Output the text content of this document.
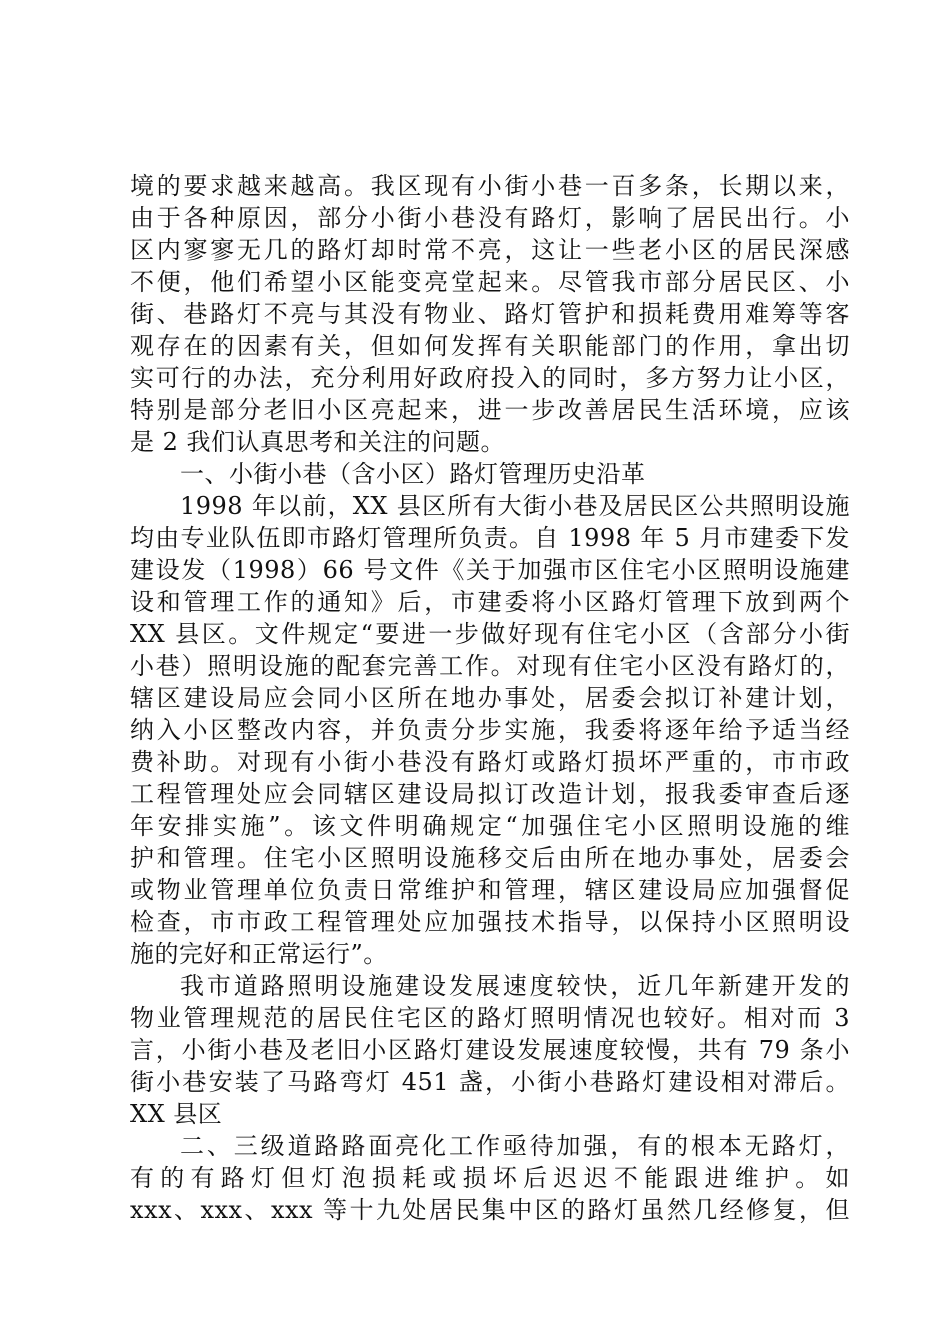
境的要求越来越高。我区现有小街小巷一百多条，长期以来，
由于各种原因，部分小街小巷没有路灯，影响了居民出行。小
区内寥寥无几的路灯却时常不亮，这让一些老小区的居民深感
不便，他们希望小区能变亮堂起来。尽管我市部分居民区、小
街、巷路灯不亮与其没有物业、路灯管护和损耗费用难筹等客
观存在的因素有关，但如何发挥有关职能部门的作用，拿出切
实可行的办法，充分利用好政府投入的同时，多方努力让小区，
特别是部分老旧小区亮起来，进一步改善居民生活环境，应该
是 2 我们认真思考和关注的问题。
一、小街小巷（含小区）路灯管理历史沿革
1998 年以前，XX 县区所有大街小巷及居民区公共照明设施
均由专业队伍即市路灯管理所负责。自 1998 年 5 月市建委下发
建设发（1998）66 号文件《关于加强市区住宅小区照明设施建
设和管理工作的通知》后，市建委将小区路灯管理下放到两个
XX 县区。文件规定“要进一步做好现有住宅小区（含部分小街
小巷）照明设施的配套完善工作。对现有住宅小区没有路灯的，
辖区建设局应会同小区所在地办事处，居委会拟订补建计划，
纳入小区整改内容，并负责分步实施，我委将逐年给予适当经
费补助。对现有小街小巷没有路灯或路灯损坏严重的，市市政
工程管理处应会同辖区建设局拟订改造计划，报我委审查后逐
年安排实施”。该文件明确规定“加强住宅小区照明设施的维
护和管理。住宅小区照明设施移交后由所在地办事处，居委会
或物业管理单位负责日常维护和管理，辖区建设局应加强督促
检查，市市政工程管理处应加强技术指导，以保持小区照明设
施的完好和正常运行”。
我市道路照明设施建设发展速度较快，近几年新建开发的
物业管理规范的居民住宅区的路灯照明情况也较好。相对而 3
言，小街小巷及老旧小区路灯建设发展速度较慢，共有 79 条小
街小巷安装了马路弯灯 451 盏，小街小巷路灯建设相对滞后。
XX 县区
二、三级道路路面亮化工作亟待加强，有的根本无路灯，
有的有路灯但灯泡损耗或损坏后迟迟不能跟进维护。如
xxx、xxx、xxx 等十九处居民集中区的路灯虽然几经修复，但
